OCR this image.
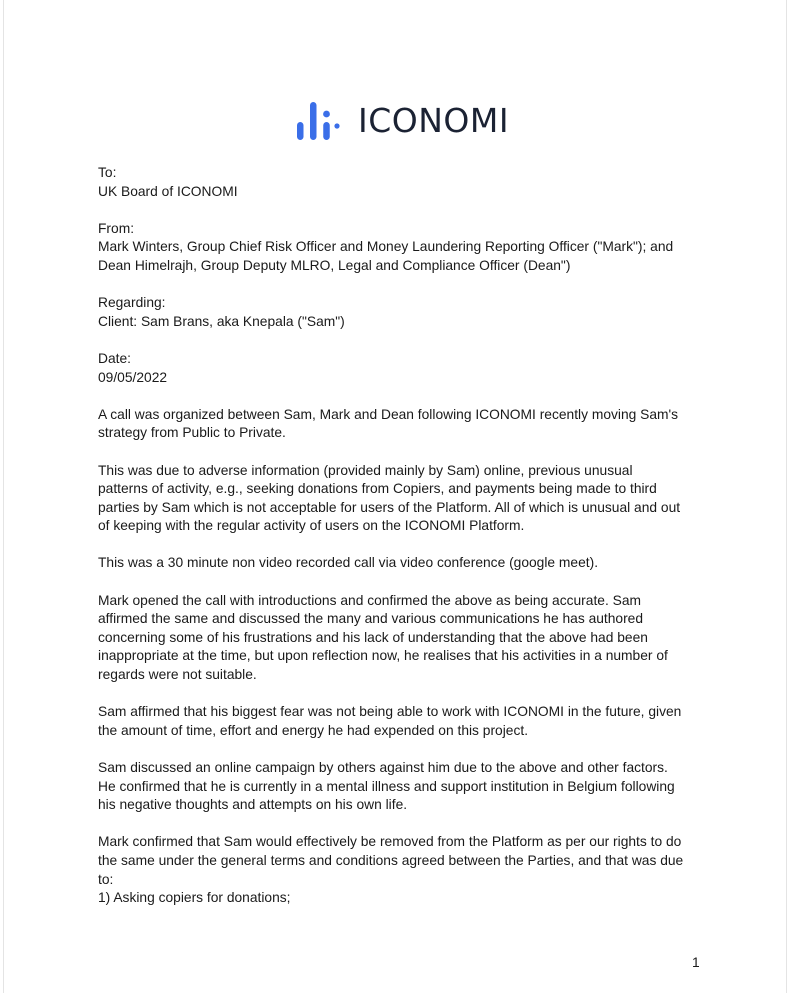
ICONOMI

To:
UK Board of ICONOMI

From:
Mark Winters, Group Chief Risk Officer and Money Laundering Reporting Officer ("Mark"); and
Dean Himelrajh, Group Deputy MLRO, Legal and Compliance Officer (Dean")

Regarding:
Client: Sam Brans, aka Knepala ("Sam")

Date:
09/05/2022

A call was organized between Sam, Mark and Dean following ICONOMI recently moving Sam's
strategy from Public to Private.

This was due to adverse information (provided mainly by Sam) online, previous unusual
patterns of activity, e.g., seeking donations from Copiers, and payments being made to third
parties by Sam which is not acceptable for users of the Platform. All of which is unusual and out
of keeping with the regular activity of users on the ICONOMI Platform.

This was a 30 minute non video recorded call via video conference (google meet).

Mark opened the call with introductions and confirmed the above as being accurate. Sam
affirmed the same and discussed the many and various communications he has authored
concerning some of his frustrations and his lack of understanding that the above had been
inappropriate at the time, but upon reflection now, he realises that his activities in a number of
regards were not suitable.

Sam affirmed that his biggest fear was not being able to work with ICONOMI in the future, given
the amount of time, effort and energy he had expended on this project.

Sam discussed an online campaign by others against him due to the above and other factors.
He confirmed that he is currently in a mental illness and support institution in Belgium following
his negative thoughts and attempts on his own life.

Mark confirmed that Sam would effectively be removed from the Platform as per our rights to do
the same under the general terms and conditions agreed between the Parties, and that was due
to:
1) Asking copiers for donations;

1
